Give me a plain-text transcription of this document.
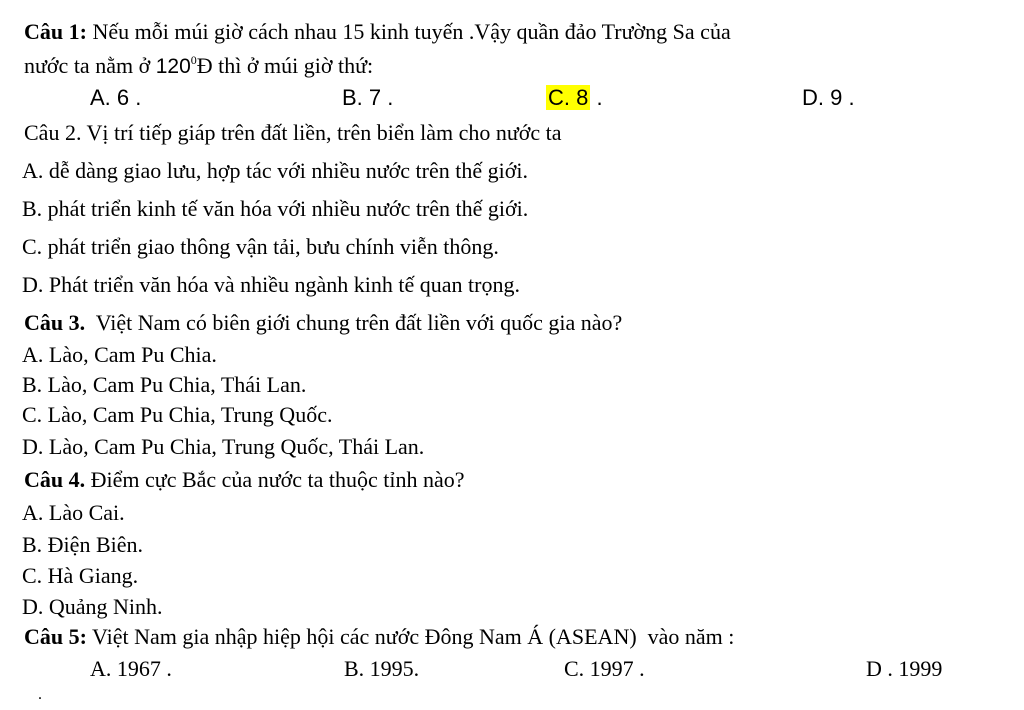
Câu 1: Nếu mỗi múi giờ cách nhau 15 kinh tuyến .Vậy quần đảo Trường Sa của
nước ta nằm ở $120^0Đ$ thì ở múi giờ thứ:
A. 6 .	B. 7 .	C. 8 .	D. 9 .
Câu 2. Vị trí tiếp giáp trên đất liền, trên biển làm cho nước ta
A. dễ dàng giao lưu, hợp tác với nhiều nước trên thế giới.
B. phát triển kinh tế văn hóa với nhiều nước trên thế giới.
C. phát triển giao thông vận tải, bưu chính viễn thông.
D. Phát triển văn hóa và nhiều ngành kinh tế quan trọng.
Câu 3.  Việt Nam có biên giới chung trên đất liền với quốc gia nào?
A. Lào, Cam Pu Chia.
B. Lào, Cam Pu Chia, Thái Lan.
C. Lào, Cam Pu Chia, Trung Quốc.
D. Lào, Cam Pu Chia, Trung Quốc, Thái Lan.
Câu 4. Điểm cực Bắc của nước ta thuộc tỉnh nào?
A. Lào Cai.
B. Điện Biên.
C. Hà Giang.
D. Quảng Ninh.
Câu 5: Việt Nam gia nhập hiệp hội các nước Đông Nam Á (ASEAN)  vào năm :
A. 1967 .	B. 1995.	C. 1997 .	D . 1999
.
